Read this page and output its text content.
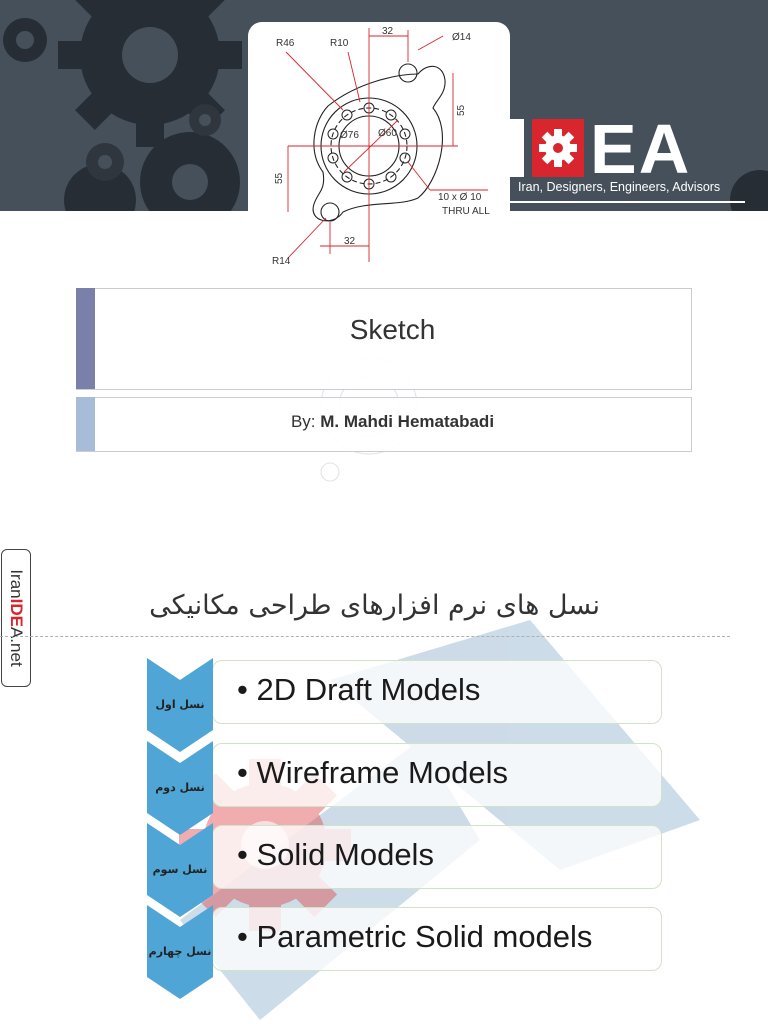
EA
Iran, Designers, Engineers, Advisors
R46	R10
32
Ø14
55
Ø76 Ø60
55
10 x Ø 10
THRU ALL
32
R14
Sketch
By: M. Mahdi Hematabadi
IranIDEA.net
نسل های نرم افزارهای طراحی مکانیکی
• 2D Draft Models
نسل اول
• Wireframe Models
نسل دوم
• Solid Models
نسل سوم
• Parametric Solid models
نسل چهارم
